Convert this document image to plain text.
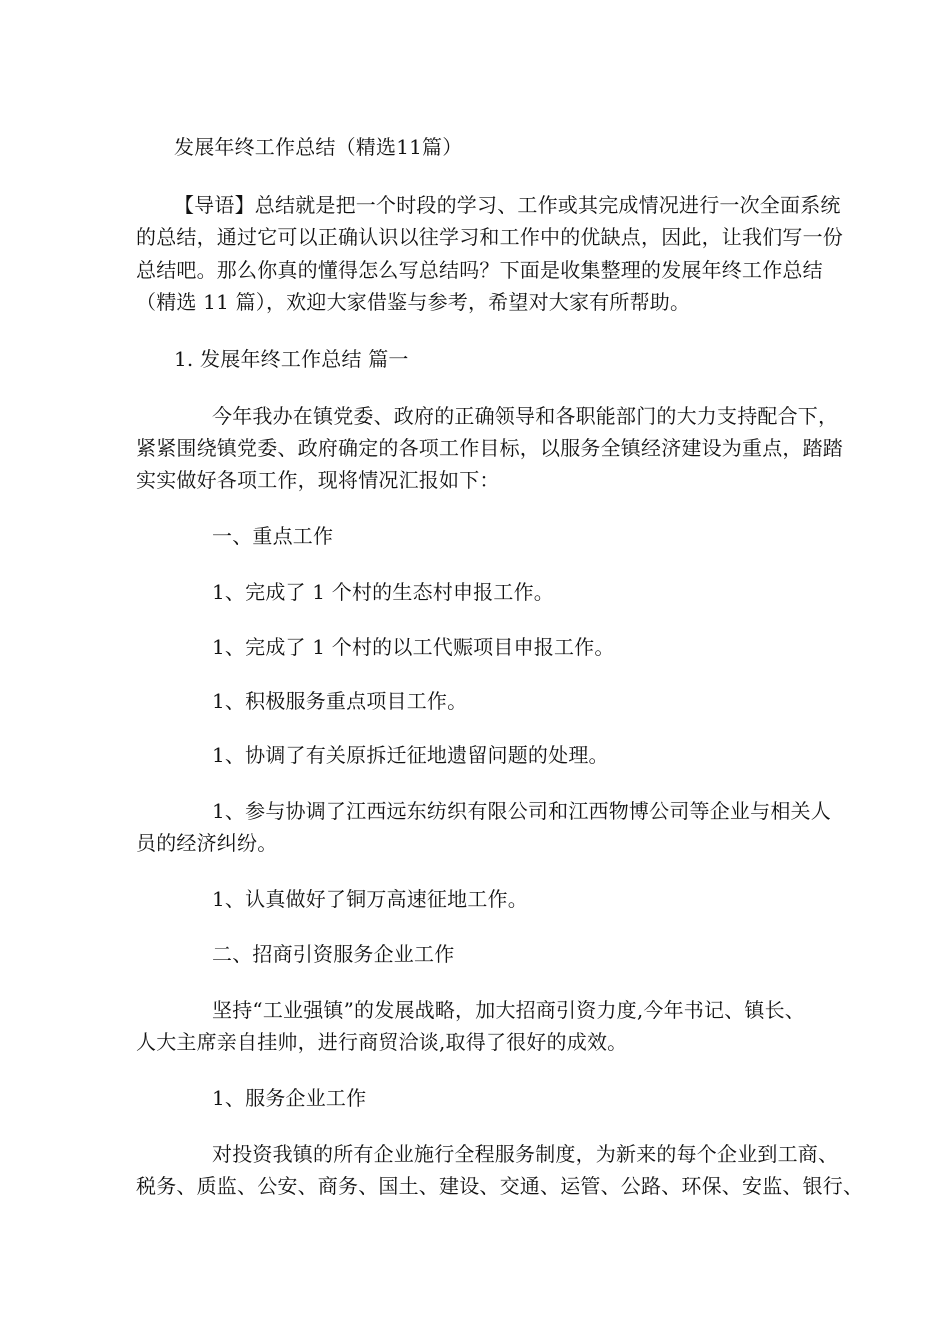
发展年终工作总结（精选11篇）
【导语】总结就是把一个时段的学习、工作或其完成情况进行一次全面系统
的总结，通过它可以正确认识以往学习和工作中的优缺点，因此，让我们写一份
总结吧。那么你真的懂得怎么写总结吗？下面是收集整理的发展年终工作总结
（精选 11 篇），欢迎大家借鉴与参考，希望对大家有所帮助。
1. 发展年终工作总结 篇一
今年我办在镇党委、政府的正确领导和各职能部门的大力支持配合下，
紧紧围绕镇党委、政府确定的各项工作目标，以服务全镇经济建设为重点，踏踏
实实做好各项工作，现将情况汇报如下：
一、重点工作
1、完成了 1 个村的生态村申报工作。
1、完成了 1 个村的以工代赈项目申报工作。
1、积极服务重点项目工作。
1、协调了有关原拆迁征地遗留问题的处理。
1、参与协调了江西远东纺织有限公司和江西物博公司等企业与相关人
员的经济纠纷。
1、认真做好了铜万高速征地工作。
二、招商引资服务企业工作
坚持“工业强镇”的发展战略，加大招商引资力度,今年书记、镇长、
人大主席亲自挂帅，进行商贸洽谈,取得了很好的成效。
1、服务企业工作
对投资我镇的所有企业施行全程服务制度，为新来的每个企业到工商、
税务、质监、公安、商务、国土、建设、交通、运管、公路、环保、安监、银行、
